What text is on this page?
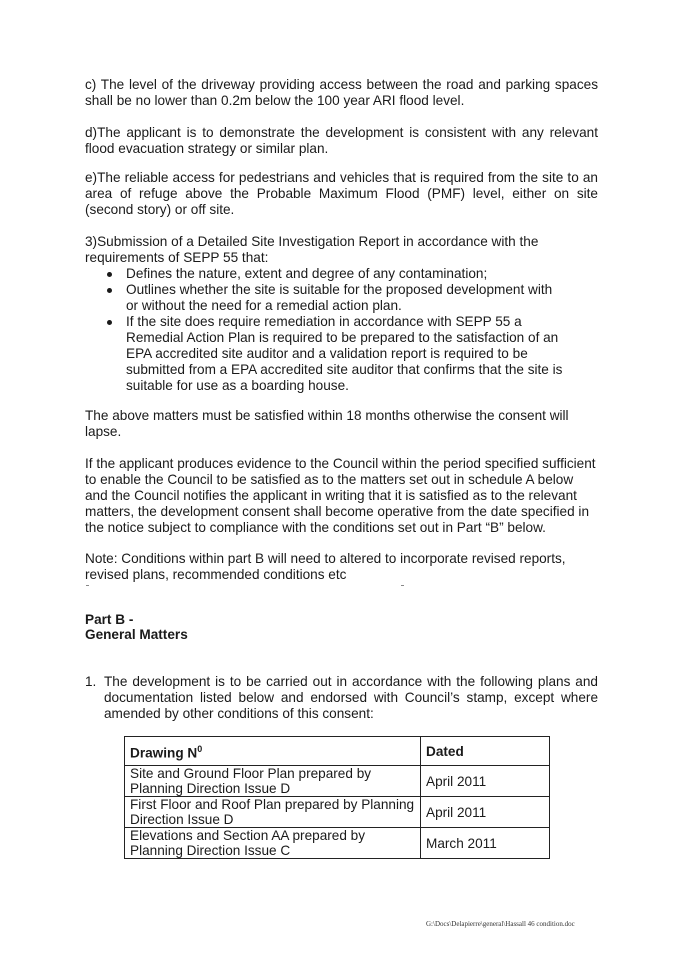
c) The level of the driveway providing access between the road and parking spaces shall be no lower than 0.2m below the 100 year ARI flood level.

d)The applicant is to demonstrate the development is consistent with any relevant flood evacuation strategy or similar plan.

e)The reliable access for pedestrians and vehicles that is required from the site to an area of refuge above the Probable Maximum Flood (PMF) level, either on site (second story) or off site.

3)Submission of a Detailed Site Investigation Report in accordance with the requirements of SEPP 55 that:

Defines the nature, extent and degree of any contamination;
Outlines whether the site is suitable for the proposed development with or without the need for a remedial action plan.
If the site does require remediation in accordance with SEPP 55 a Remedial Action Plan is required to be prepared to the satisfaction of an EPA accredited site auditor and a validation report is required to be submitted from a EPA accredited site auditor that confirms that the site is suitable for use as a boarding house.

The above matters must be satisfied within 18 months otherwise the consent will lapse.

If the applicant produces evidence to the Council within the period specified sufficient to enable the Council to be satisfied as to the matters set out in schedule A below and the Council notifies the applicant in writing that it is satisfied as to the relevant matters, the development consent shall become operative from the date specified in the notice subject to compliance with the conditions set out in Part “B” below.

Note: Conditions within part B will need to altered to incorporate revised reports, revised plans, recommended conditions etc

Part B -

General Matters

1. The development is to be carried out in accordance with the following plans and documentation listed below and endorsed with Council’s stamp, except where amended by other conditions of this consent:
Drawing $N^0$	Dated
Site and Ground Floor Plan prepared by Planning Direction Issue D	April 2011
First Floor and Roof Plan prepared by Planning Direction Issue D	April 2011
Elevations and Section AA prepared by Planning Direction Issue C	March 2011
G:\Docs\Delapierre\general\Hassall 46 condition.doc
